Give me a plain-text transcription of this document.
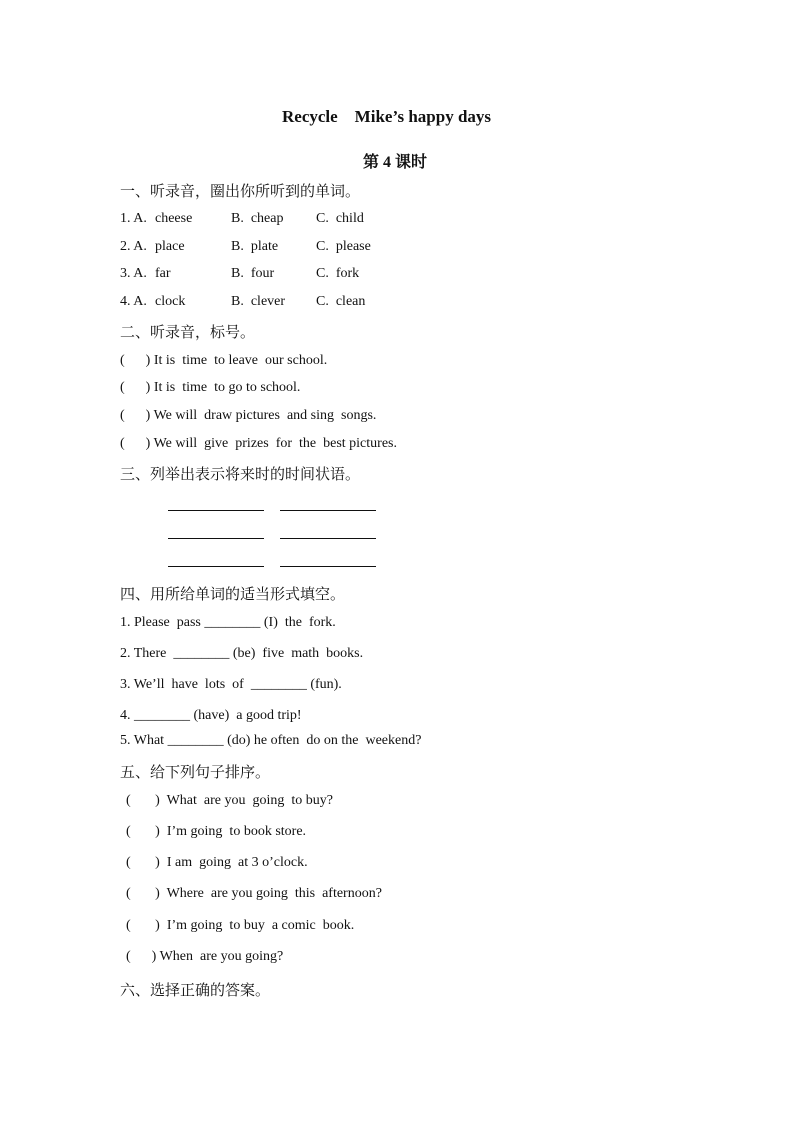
Recycle    Mike’s happy days
第 4 课时
一、听录音，圈出你所听到的单词。
1. A. cheese	B.  cheap C.  child
2. A. place	B.  plate	C.  please
3. A. far	B.  four	C.  fork
4. A. clock	B.  clever C.  clean
二、听录音，标号。
(      ) It is  time  to leave  our school.
(      ) It is  time  to go to school.
(      ) We will  draw pictures  and sing  songs.
(      ) We will  give  prizes  for  the  best pictures.
三、列举出表示将来时的时间状语。
四、用所给单词的适当形式填空。
1. Please  pass ________ (I)  the  fork.
2. There  ________ (be)  five  math  books.
3. We’ll  have  lots  of  ________ (fun).
4. ________ (have)  a good trip!
5. What ________ (do) he often  do on the  weekend?
五、给下列句子排序。
(       )  What  are you  going  to buy?
(       )  I’m going  to book store.
(       )  I am  going  at 3 o’clock.
(       )  Where  are you going  this  afternoon?
(       )  I’m going  to buy  a comic  book.
(      ) When  are you going?
六、选择正确的答案。
